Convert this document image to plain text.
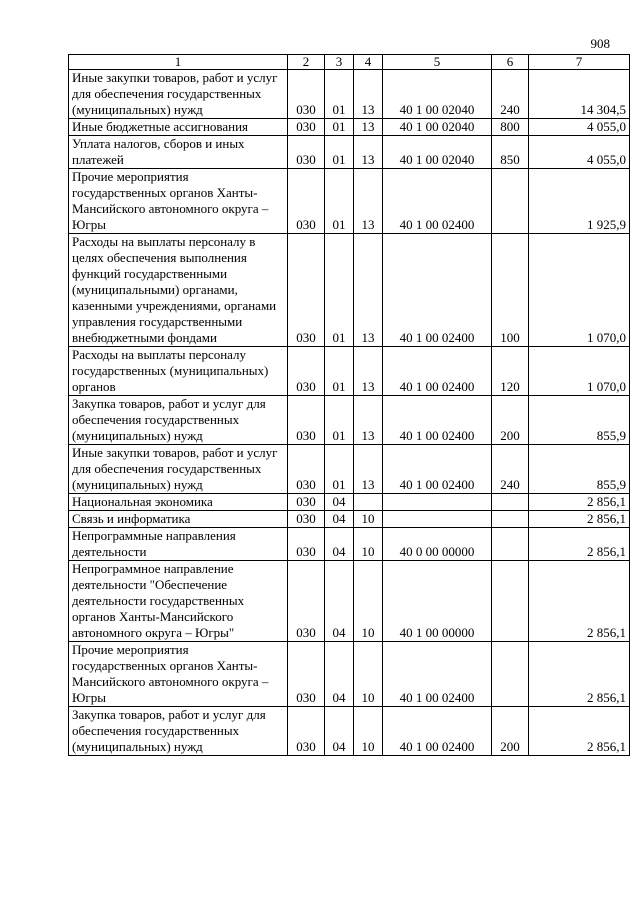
908
1	2	3	4	5	6	7
Иные закупки товаров, работ и услуг для обеспечения государственных (муниципальных) нужд	030	01	13	40 1 00 02040	240	14 304,5
Иные бюджетные ассигнования	030	01	13	40 1 00 02040	800	4 055,0
Уплата налогов, сборов и иных платежей	030	01	13	40 1 00 02040	850	4 055,0
Прочие мероприятия государственных органов Ханты-Мансийского автономного округа – Югры	030	01	13	40 1 00 02400		1 925,9
Расходы на выплаты персоналу в целях обеспечения выполнения функций государственными (муниципальными) органами, казенными учреждениями, органами управления государственными внебюджетными фондами	030	01	13	40 1 00 02400	100	1 070,0
Расходы на выплаты персоналу государственных (муниципальных) органов	030	01	13	40 1 00 02400	120	1 070,0
Закупка товаров, работ и услуг для обеспечения государственных (муниципальных) нужд	030	01	13	40 1 00 02400	200	855,9
Иные закупки товаров, работ и услуг для обеспечения государственных (муниципальных) нужд	030	01	13	40 1 00 02400	240	855,9
Национальная экономика	030	04				2 856,1
Связь и информатика	030	04	10			2 856,1
Непрограммные направления деятельности	030	04	10	40 0 00 00000		2 856,1
Непрограммное направление деятельности "Обеспечение деятельности государственных органов Ханты-Мансийского автономного округа – Югры"	030	04	10	40 1 00 00000		2 856,1
Прочие мероприятия государственных органов Ханты-Мансийского автономного округа – Югры	030	04	10	40 1 00 02400		2 856,1
Закупка товаров, работ и услуг для обеспечения государственных (муниципальных) нужд	030	04	10	40 1 00 02400	200	2 856,1
